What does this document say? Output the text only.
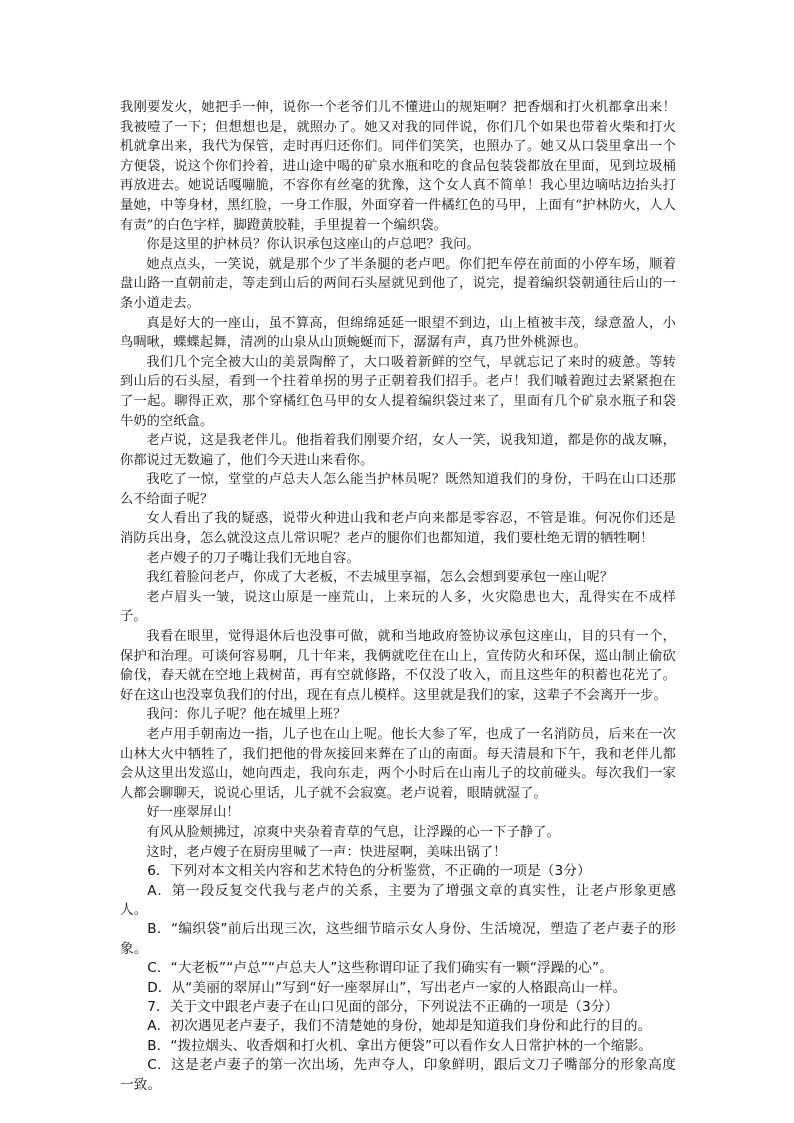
我刚要发火，她把手一伸，说你一个老爷们儿不懂进山的规矩啊？把香烟和打火机都拿出来！我被噎了一下；但想想也是，就照办了。她又对我的同伴说，你们几个如果也带着火柴和打火机就拿出来，我代为保管，走时再归还你们。同伴们笑笑，也照办了。她又从口袋里拿出一个方便袋，说这个你们拎着，进山途中喝的矿泉水瓶和吃的食品包装袋都放在里面，见到垃圾桶再放进去。她说话嘎嘣脆，不容你有丝毫的犹豫，这个女人真不简单！我心里边嘀咕边抬头打量她，中等身材，黑红脸，一身工作服，外面穿着一件橘红色的马甲，上面有“护林防火，人人有责”的白色字样，脚蹬黄胶鞋，手里提着一个编织袋。

你是这里的护林员？你认识承包这座山的卢总吧？我问。

她点点头，一笑说，就是那个少了半条腿的老卢吧。你们把车停在前面的小停车场，顺着盘山路一直朝前走，等走到山后的两间石头屋就见到他了，说完，提着编织袋朝通往后山的一条小道走去。

真是好大的一座山，虽不算高，但绵绵延延一眼望不到边，山上植被丰茂，绿意盈人，小鸟啁啾，蝶蝶起舞，清冽的山泉从山顶蜿蜒而下，潺潺有声，真乃世外桃源也。

我们几个完全被大山的美景陶醉了，大口吸着新鲜的空气，早就忘记了来时的疲惫。等转到山后的石头屋，看到一个拄着单拐的男子正朝着我们招手。老卢！我们嘁着跑过去紧紧抱在了一起。聊得正欢，那个穿橘红色马甲的女人提着编织袋过来了，里面有几个矿泉水瓶子和袋牛奶的空纸盒。

老卢说，这是我老伴儿。他指着我们刚要介绍，女人一笑，说我知道，都是你的战友嘛，你都说过无数遍了，他们今天进山来看你。

我吃了一惊，堂堂的卢总夫人怎么能当护林员呢？既然知道我们的身份，干吗在山口还那么不给面子呢？

女人看出了我的疑惑，说带火种进山我和老卢向来都是零容忍，不管是谁。何况你们还是消防兵出身，怎么就没这点儿常识呢？老卢的腿你们也都知道，我们要杜绝无谓的牺牲啊！

老卢嫂子的刀子嘴让我们无地自容。

我红着脸问老卢，你成了大老板，不去城里享福，怎么会想到要承包一座山呢？

老卢眉头一皱，说这山原是一座荒山，上来玩的人多，火灾隐患也大，乱得实在不成样子。

我看在眼里，觉得退休后也没事可做，就和当地政府签协议承包这座山，目的只有一个，保护和治理。可谈何容易啊，几十年来，我俩就吃住在山上，宣传防火和环保，巡山制止偷砍偷伐，春天就在空地上栽树苗，再有空就修路，不仅没了收入，而且这些年的积蓄也花光了。好在这山也没辜负我们的付出，现在有点儿模样。这里就是我们的家，这辈子不会离开一步。

我问：你儿子呢？他在城里上班？

老卢用手朝南边一指，儿子也在山上呢。他长大参了军，也成了一名消防员，后来在一次山林大火中牺牲了，我们把他的骨灰接回来葬在了山的南面。每天清晨和下午，我和老伴儿都会从这里出发巡山，她向西走，我向东走，两个小时后在山南儿子的坟前碰头。每次我们一家人都会聊聊天，说说心里话，儿子就不会寂寞。老卢说着，眼睛就湿了。

好一座翠屏山！

有风从脸颊拂过，凉爽中夹杂着青草的气息，让浮躁的心一下子静了。

这时，老卢嫂子在厨房里喊了一声：快进屋啊，美味出锅了！

6．下列对本文相关内容和艺术特色的分析鉴赏，不正确的一项是（3分）

A．第一段反复交代我与老卢的关系，主要为了增强文章的真实性，让老卢形象更感人。

B．“编织袋”前后出现三次，这些细节暗示女人身份、生活境况，塑造了老卢妻子的形象。

C．“大老板”“卢总”“卢总夫人”这些称谓印证了我们确实有一颗“浮躁的心”。

D．从“美丽的翠屏山”写到“好一座翠屏山”，写出老卢一家的人格跟高山一样。

7．关于文中跟老卢妻子在山口见面的部分，下列说法不正确的一项是（3分）

A．初次遇见老卢妻子，我们不清楚她的身份，她却是知道我们身份和此行的目的。

B．“拨拉烟头、收香烟和打火机、拿出方便袋”可以看作女人日常护林的一个缩影。

C．这是老卢妻子的第一次出场，先声夺人，印象鲜明，跟后文刀子嘴部分的形象高度一致。
